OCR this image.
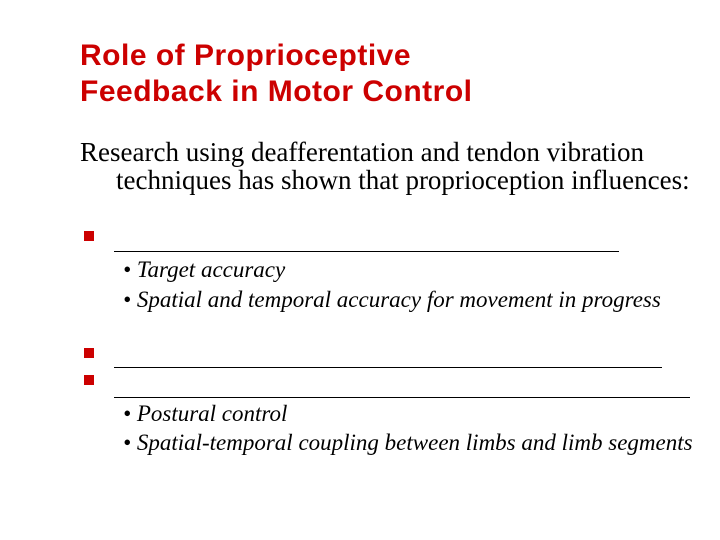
Role of Proprioceptive
Feedback in Motor Control
Research using deafferentation and tendon vibration techniques has shown that proprioception influences:
• Target accuracy
• Spatial and temporal accuracy for movement in progress
• Postural control
• Spatial-temporal coupling between limbs and limb segments
